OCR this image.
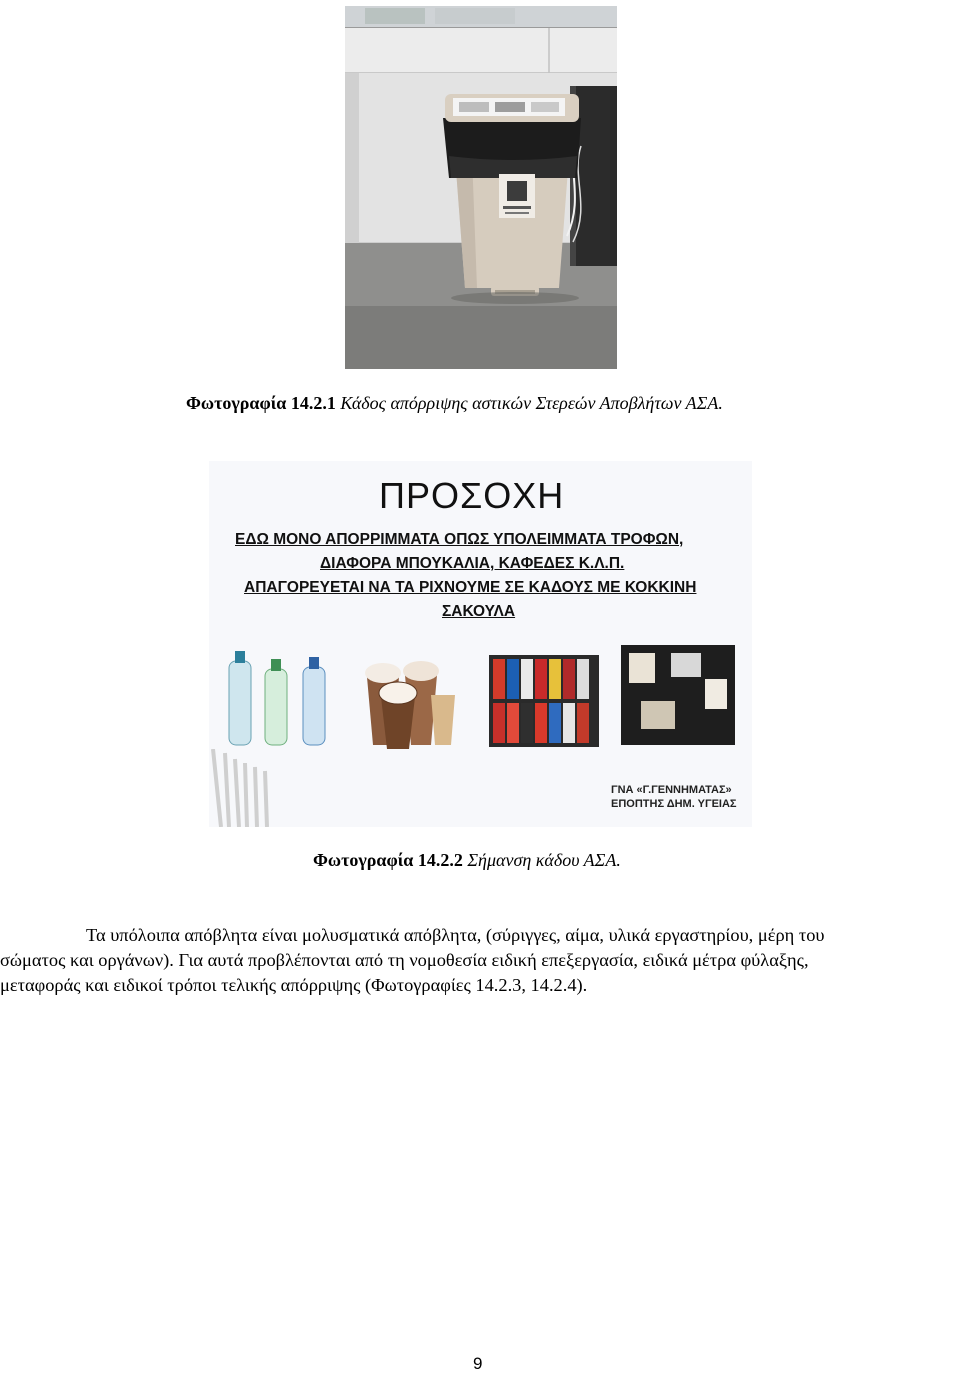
Φωτογραφία 14.2.1 Κάδος απόρριψης αστικών Στερεών Αποβλήτων ΑΣΑ.
ΠΡΟΣΟΧΗ
ΕΔΩ ΜΟΝΟ ΑΠΟΡΡΙΜΜΑΤΑ ΟΠΩΣ ΥΠΟΛΕΙΜΜΑΤΑ ΤΡΟΦΩΝ,
ΔΙΑΦΟΡΑ ΜΠΟΥΚΑΛΙΑ, ΚΑΦΕΔΕΣ Κ.Λ.Π.
ΑΠΑΓΟΡΕΥΕΤΑΙ ΝΑ ΤΑ ΡΙΧΝΟΥΜΕ ΣΕ ΚΑΔΟΥΣ ΜΕ ΚΟΚΚΙΝΗ
ΣΑΚΟΥΛΑ
ΓΝΑ «Γ.ΓΕΝΝΗΜΑΤΑΣ»
ΕΠΟΠΤΗΣ ΔΗΜ. ΥΓΕΙΑΣ
Φωτογραφία 14.2.2 Σήμανση κάδου ΑΣΑ.
Τα υπόλοιπα απόβλητα είναι μολυσματικά απόβλητα, (σύριγγες, αίμα, υλικά εργαστηρίου, μέρη του
σώματος και οργάνων). Για αυτά προβλέπονται από τη νομοθεσία ειδική επεξεργασία, ειδικά μέτρα φύλαξης,
μεταφοράς και ειδικοί τρόποι τελικής απόρριψης (Φωτογραφίες 14.2.3, 14.2.4).
9
